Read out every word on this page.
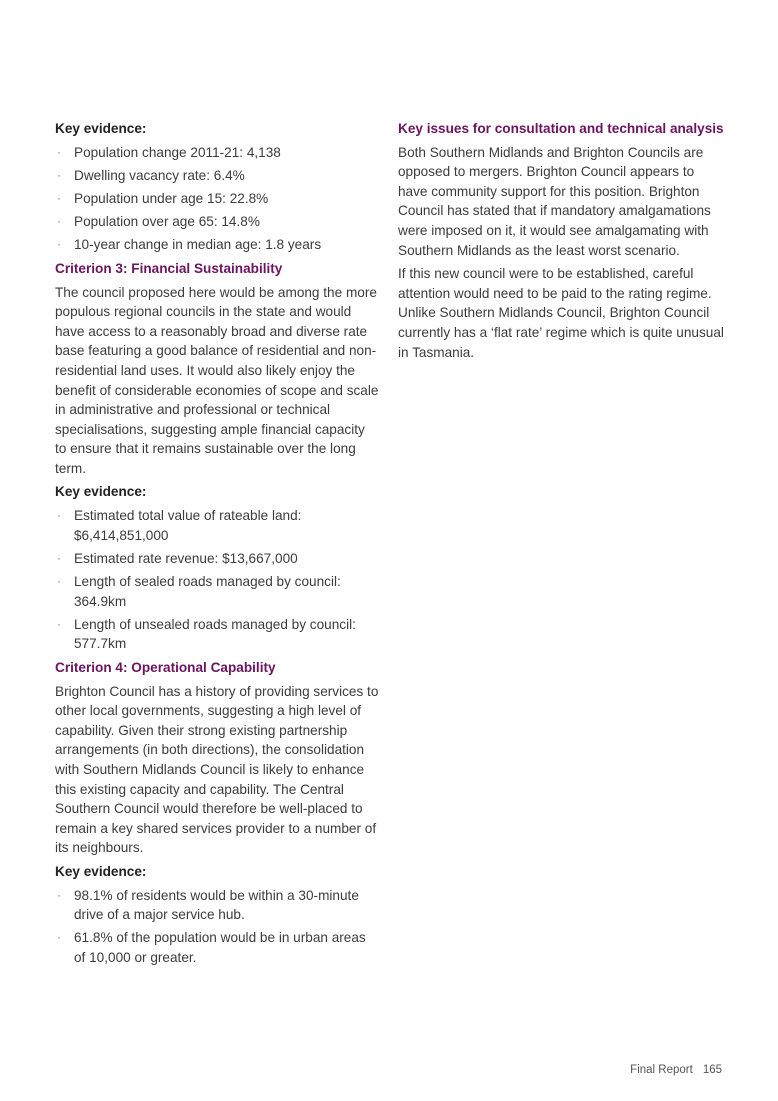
Key evidence:
· Population change 2011-21: 4,138
· Dwelling vacancy rate: 6.4%
· Population under age 15: 22.8%
· Population over age 65: 14.8%
· 10-year change in median age: 1.8 years
Criterion 3: Financial Sustainability

The council proposed here would be among the more populous regional councils in the state and would have access to a reasonably broad and diverse rate base featuring a good balance of residential and non-residential land uses. It would also likely enjoy the benefit of considerable economies of scope and scale in administrative and professional or technical specialisations, suggesting ample financial capacity to ensure that it remains sustainable over the long term.

Key evidence:
· Estimated total value of rateable land: $6,414,851,000
· Estimated rate revenue: $13,667,000
· Length of sealed roads managed by council: 364.9km
· Length of unsealed roads managed by council: 577.7km
Criterion 4: Operational Capability

Brighton Council has a history of providing services to other local governments, suggesting a high level of capability. Given their strong existing partnership arrangements (in both directions), the consolidation with Southern Midlands Council is likely to enhance this existing capacity and capability. The Central Southern Council would therefore be well-placed to remain a key shared services provider to a number of its neighbours.

Key evidence:
· 98.1% of residents would be within a 30-minute drive of a major service hub.
· 61.8% of the population would be in urban areas of 10,000 or greater.
Key issues for consultation and technical analysis

Both Southern Midlands and Brighton Councils are opposed to mergers. Brighton Council appears to have community support for this position. Brighton Council has stated that if mandatory amalgamations were imposed on it, it would see amalgamating with Southern Midlands as the least worst scenario.

If this new council were to be established, careful attention would need to be paid to the rating regime. Unlike Southern Midlands Council, Brighton Council currently has a ‘flat rate’ regime which is quite unusual in Tasmania.

Final Report 165
